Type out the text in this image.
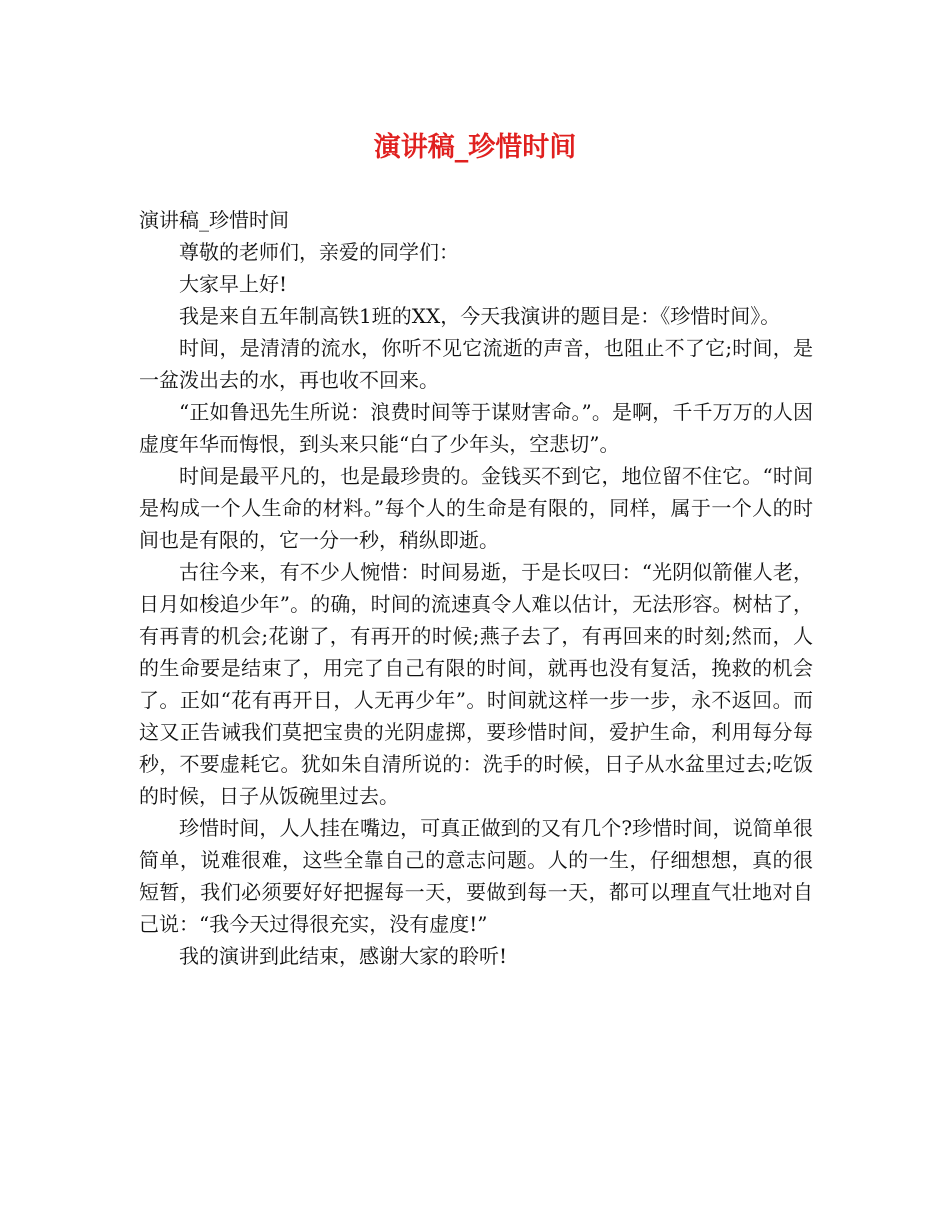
演讲稿_珍惜时间

演讲稿_珍惜时间

尊敬的老师们，亲爱的同学们：

大家早上好!

我是来自五年制高铁1班的XX，今天我演讲的题目是：《珍惜时间》。

时间，是清清的流水，你听不见它流逝的声音，也阻止不了它;时间，是一盆泼出去的水，再也收不回来。

“正如鲁迅先生所说：浪费时间等于谋财害命。”。是啊，千千万万的人因虚度年华而悔恨，到头来只能“白了少年头，空悲切”。

时间是最平凡的，也是最珍贵的。金钱买不到它，地位留不住它。“时间是构成一个人生命的材料。”每个人的生命是有限的，同样，属于一个人的时间也是有限的，它一分一秒，稍纵即逝。

古往今来，有不少人惋惜：时间易逝，于是长叹曰：“光阴似箭催人老，日月如梭追少年”。的确，时间的流速真令人难以估计，无法形容。树枯了，有再青的机会;花谢了，有再开的时候;燕子去了，有再回来的时刻;然而，人的生命要是结束了，用完了自己有限的时间，就再也没有复活，挽救的机会了。正如“花有再开日，人无再少年”。时间就这样一步一步，永不返回。而这又正告诫我们莫把宝贵的光阴虚掷，要珍惜时间，爱护生命，利用每分每秒，不要虚耗它。犹如朱自清所说的：洗手的时候，日子从水盆里过去;吃饭的时候，日子从饭碗里过去。

珍惜时间，人人挂在嘴边，可真正做到的又有几个?珍惜时间，说简单很简单，说难很难，这些全靠自己的意志问题。人的一生，仔细想想，真的很短暂，我们必须要好好把握每一天，要做到每一天，都可以理直气壮地对自己说：“我今天过得很充实，没有虚度!”

我的演讲到此结束，感谢大家的聆听!
